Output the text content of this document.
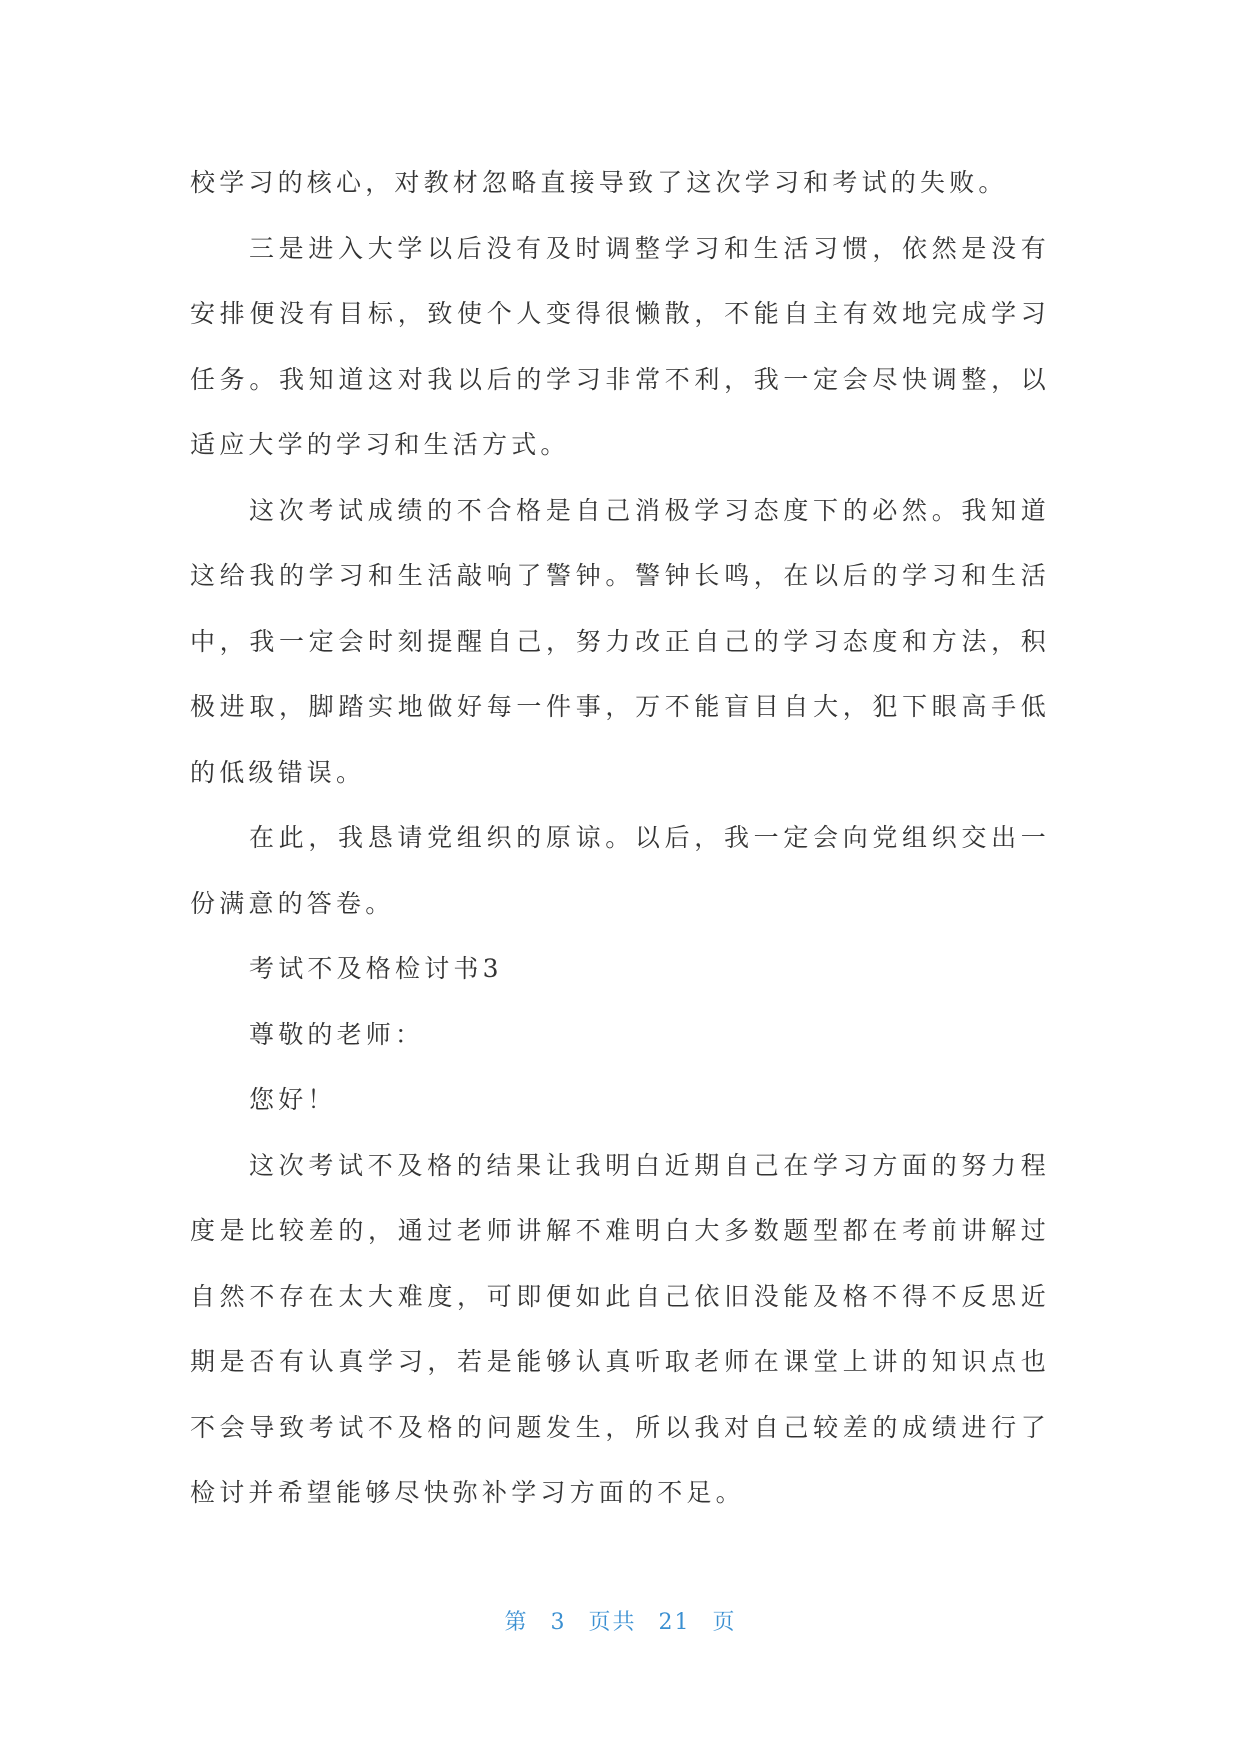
校学习的核心，对教材忽略直接导致了这次学习和考试的失败。

三是进入大学以后没有及时调整学习和生活习惯，依然是没有安排便没有目标，致使个人变得很懒散，不能自主有效地完成学习任务。我知道这对我以后的学习非常不利，我一定会尽快调整，以适应大学的学习和生活方式。

这次考试成绩的不合格是自己消极学习态度下的必然。我知道这给我的学习和生活敲响了警钟。警钟长鸣，在以后的学习和生活中，我一定会时刻提醒自己，努力改正自己的学习态度和方法，积极进取，脚踏实地做好每一件事，万不能盲目自大，犯下眼高手低的低级错误。

在此，我恳请党组织的原谅。以后，我一定会向党组织交出一份满意的答卷。

考试不及格检讨书3

尊敬的老师：

您好！

这次考试不及格的结果让我明白近期自己在学习方面的努力程度是比较差的，通过老师讲解不难明白大多数题型都在考前讲解过自然不存在太大难度，可即便如此自己依旧没能及格不得不反思近期是否有认真学习，若是能够认真听取老师在课堂上讲的知识点也不会导致考试不及格的问题发生，所以我对自己较差的成绩进行了检讨并希望能够尽快弥补学习方面的不足。

第 3 页共 21 页
